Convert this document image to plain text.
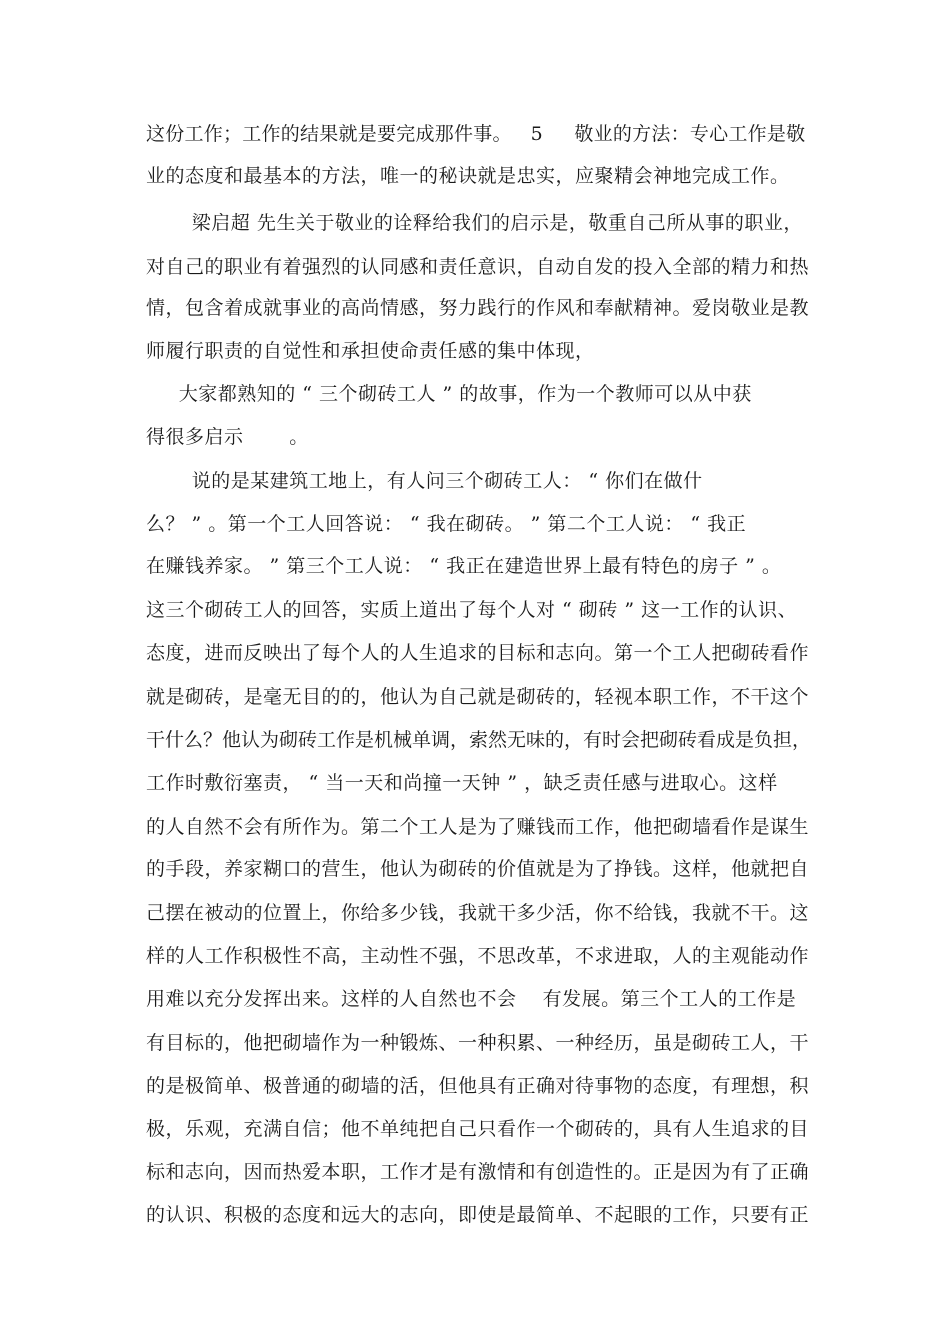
这份工作；工作的结果就是要完成那件事。   5     敬业的方法：专心工作是敬
业的态度和最基本的方法，唯一的秘诀就是忠实，应聚精会神地完成工作。
梁启超 先生关于敬业的诠释给我们的启示是，敬重自己所从事的职业，
对自己的职业有着强烈的认同感和责任意识，自动自发的投入全部的精力和热
情，包含着成就事业的高尚情感，努力践行的作风和奉献精神。爱岗敬业是教
师履行职责的自觉性和承担使命责任感的集中体现，
大家都熟知的 “ 三个砌砖工人 ” 的故事，作为一个教师可以从中获
得很多启示       。
说的是某建筑工地上，有人问三个砌砖工人： “ 你们在做什
么？ ” 。第一个工人回答说： “ 我在砌砖。 ” 第二个工人说： “ 我正
在赚钱养家。 ” 第三个工人说： “ 我正在建造世界上最有特色的房子 ” 。
这三个砌砖工人的回答，实质上道出了每个人对 “ 砌砖 ” 这一工作的认识、
态度，进而反映出了每个人的人生追求的目标和志向。第一个工人把砌砖看作
就是砌砖，是毫无目的的，他认为自己就是砌砖的，轻视本职工作，不干这个
干什么？他认为砌砖工作是机械单调，索然无味的，有时会把砌砖看成是负担，
工作时敷衍塞责， “ 当一天和尚撞一天钟 ” ，缺乏责任感与进取心。这样
的人自然不会有所作为。第二个工人是为了赚钱而工作，他把砌墙看作是谋生
的手段，养家糊口的营生，他认为砌砖的价值就是为了挣钱。这样，他就把自
己摆在被动的位置上，你给多少钱，我就干多少活，你不给钱，我就不干。这
样的人工作积极性不高，主动性不强，不思改革，不求进取，人的主观能动作
用难以充分发挥出来。这样的人自然也不会    有发展。第三个工人的工作是
有目标的，他把砌墙作为一种锻炼、一种积累、一种经历，虽是砌砖工人，干
的是极简单、极普通的砌墙的活，但他具有正确对待事物的态度，有理想，积
极，乐观，充满自信；他不单纯把自己只看作一个砌砖的，具有人生追求的目
标和志向，因而热爱本职，工作才是有激情和有创造性的。正是因为有了正确
的认识、积极的态度和远大的志向，即使是最简单、不起眼的工作，只要有正
